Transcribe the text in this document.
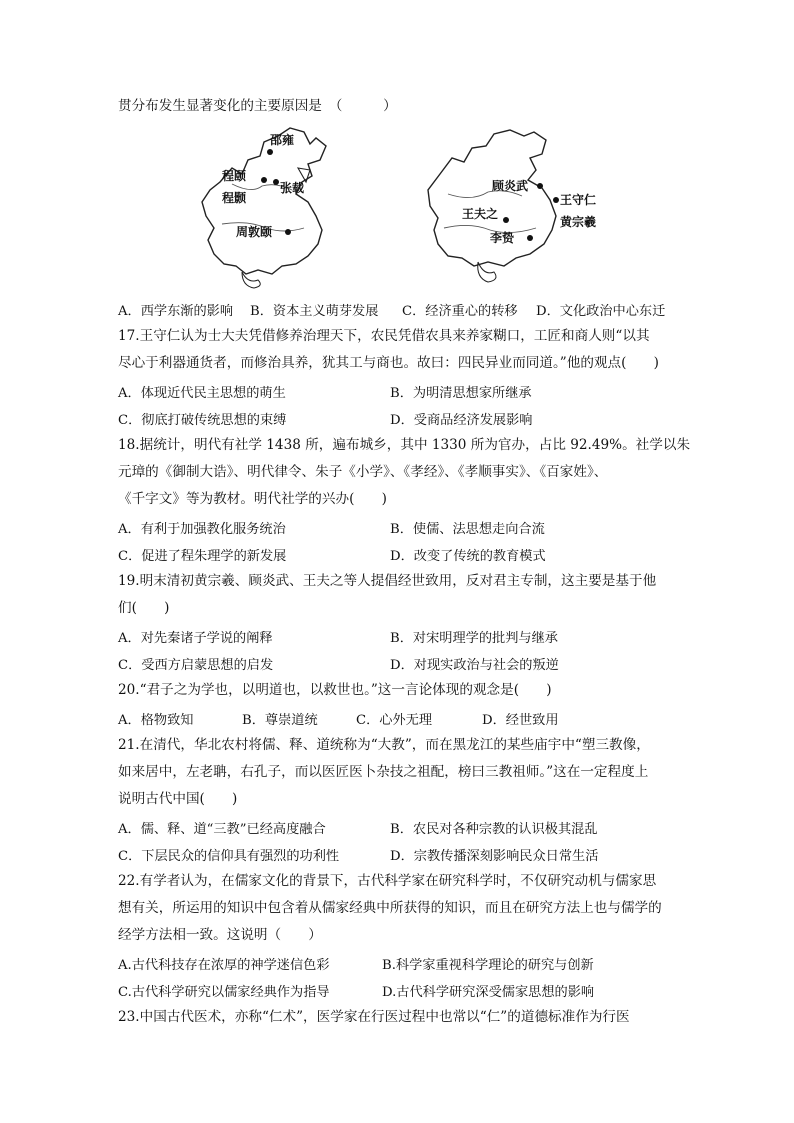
贯分布发生显著变化的主要原因是　（　　　）
邵雍
程颐
程颢
张载
周敦颐
顾炎武
王守仁
王夫之
黄宗羲
李贽
A．西学东渐的影响 B．资本主义萌芽发展 C．经济重心的转移 D．文化政治中心东迁
17.王守仁认为士大夫凭借修养治理天下，农民凭借农具来养家糊口，工匠和商人则“以其
尽心于利器通货者，而修治具养，犹其工与商也。故曰：四民异业而同道。”他的观点(　　)
A．体现近代民主思想的萌生	B．为明清思想家所继承
C．彻底打破传统思想的束缚	D．受商品经济发展影响
18.据统计，明代有社学 1438 所，遍布城乡，其中 1330 所为官办，占比 92.49%。社学以朱
元璋的《御制大诰》、明代律令、朱子《小学》、《孝经》、《孝顺事实》、《百家姓》、
《千字文》等为教材。明代社学的兴办(　　)
A．有利于加强教化服务统治	B．使儒、法思想走向合流
C．促进了程朱理学的新发展	D．改变了传统的教育模式
19.明末清初黄宗羲、顾炎武、王夫之等人提倡经世致用，反对君主专制，这主要是基于他
们(　　)
A．对先秦诸子学说的阐释	B．对宋明理学的批判与继承
C．受西方启蒙思想的启发	D．对现实政治与社会的叛逆
20.“君子之为学也，以明道也，以救世也。”这一言论体现的观念是(　　)
A．格物致知	B．尊崇道统	C．心外无理	D．经世致用
21.在清代，华北农村将儒、释、道统称为“大教”，而在黑龙江的某些庙宇中“塑三教像，
如来居中，左老聃，右孔子，而以医匠医卜杂技之祖配，榜曰三教祖师。”这在一定程度上
说明古代中国(　　)
A．儒、释、道“三教”已经高度融合	B．农民对各种宗教的认识极其混乱
C．下层民众的信仰具有强烈的功利性	D．宗教传播深刻影响民众日常生活
22.有学者认为，在儒家文化的背景下，古代科学家在研究科学时，不仅研究动机与儒家思
想有关，所运用的知识中包含着从儒家经典中所获得的知识，而且在研究方法上也与儒学的
经学方法相一致。这说明（　　）
A.古代科技存在浓厚的神学迷信色彩	B.科学家重视科学理论的研究与创新
C.古代科学研究以儒家经典作为指导	D.古代科学研究深受儒家思想的影响
23.中国古代医术，亦称“仁术”，医学家在行医过程中也常以“仁”的道德标准作为行医
